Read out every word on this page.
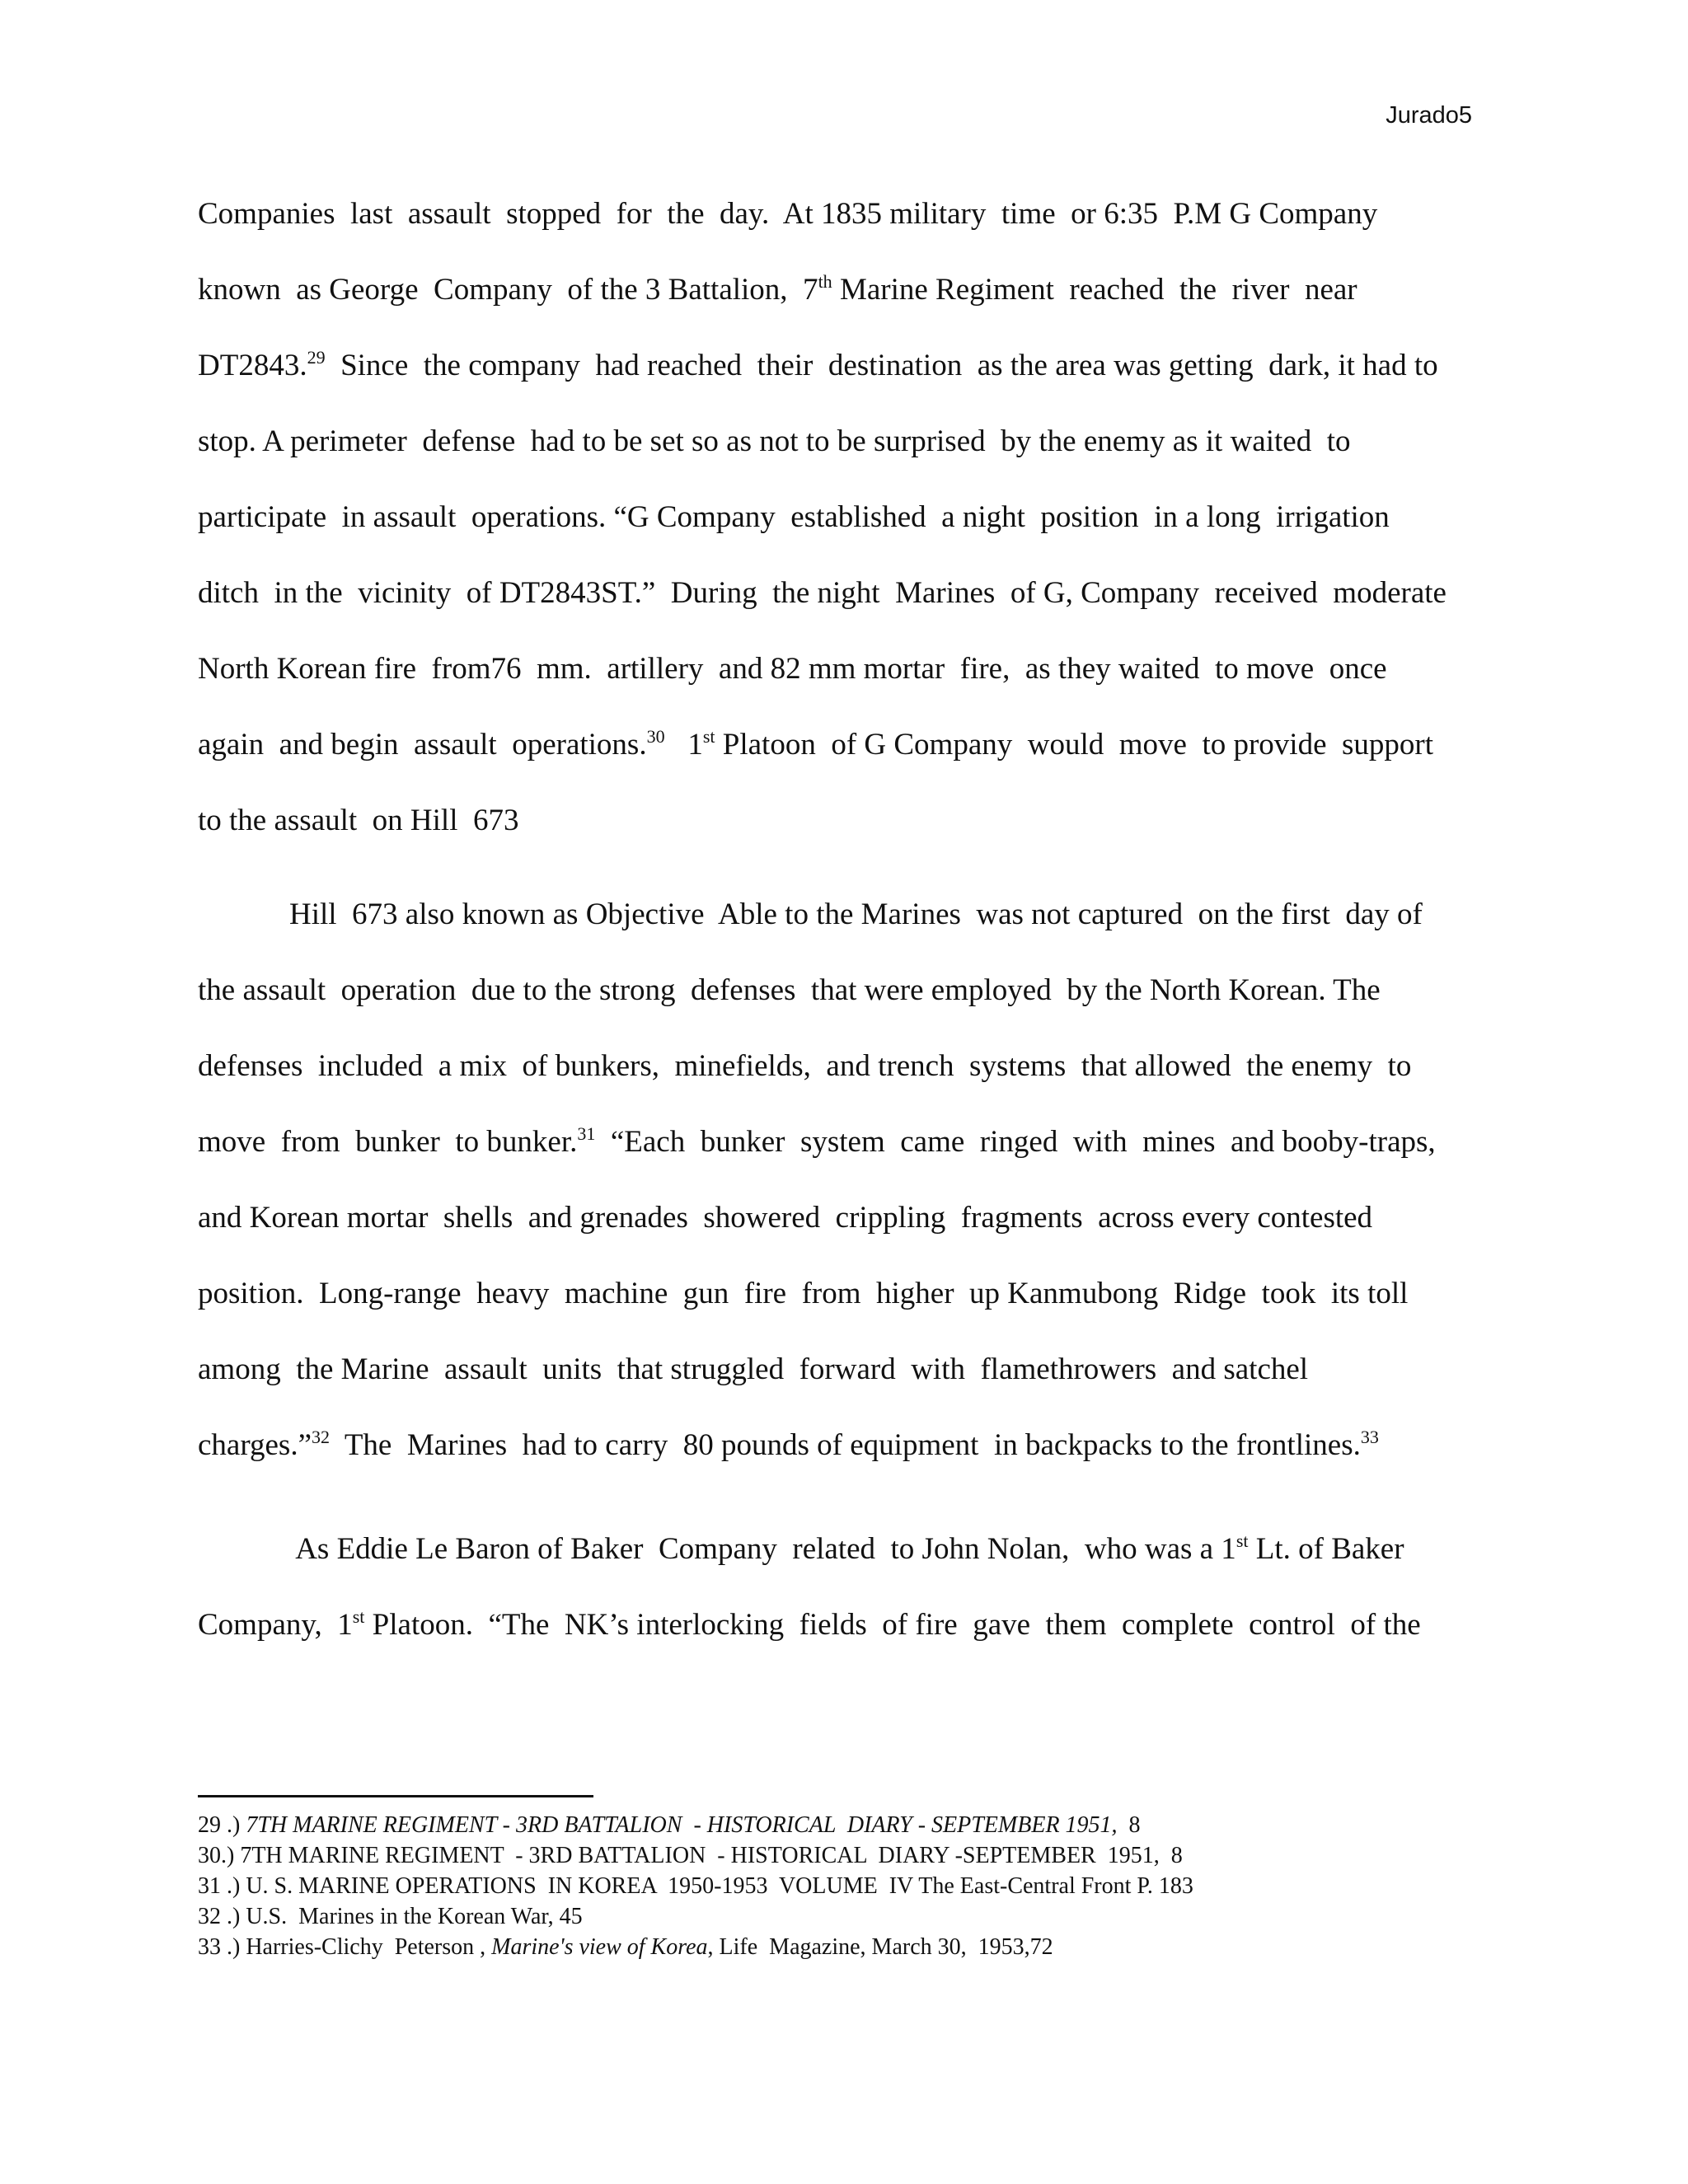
Jurado5
Companies  last  assault  stopped  for  the  day.  At 1835 military  time  or 6:35  P.M G Company
known  as George  Company  of the 3 Battalion,  7th Marine Regiment  reached  the  river  near
DT2843.29  Since  the company  had reached  their  destination  as the area was getting  dark, it had to
stop. A perimeter  defense  had to be set so as not to be surprised  by the enemy as it waited  to
participate  in assault  operations. “G Company  established  a night  position  in a long  irrigation
ditch  in the  vicinity  of DT2843ST.”  During  the night  Marines  of G, Company  received  moderate
North Korean fire  from76  mm.  artillery  and 82 mm mortar  fire,  as they waited  to move  once
again  and begin  assault  operations.$^{30}$   1st Platoon  of G Company  would  move  to provide  support
to the assault  on Hill  673
Hill  673 also known as Objective  Able to the Marines  was not captured  on the first  day of
the assault  operation  due to the strong  defenses  that were employed  by the North Korean. The
defenses  included  a mix  of bunkers,  minefields,  and trench  systems  that allowed  the enemy  to
move  from  bunker  to bunker.$^{31}$  “Each  bunker  system  came  ringed  with  mines  and booby-traps,
and Korean mortar  shells  and grenades  showered  crippling  fragments  across every contested
position.  Long-range  heavy  machine  gun  fire  from  higher  up Kanmubong  Ridge  took  its toll
among  the Marine  assault  units  that struggled  forward  with  flamethrowers  and satchel
charges.”$^{32}$  The  Marines  had to carry  80 pounds of equipment  in backpacks to the frontlines.$^{33}$
As Eddie Le Baron of Baker  Company  related  to John Nolan,  who was a 1st Lt. of Baker
Company,  1st Platoon.  “The  NK’s interlocking  fields  of fire  gave  them  complete  control  of the
29 .) 7TH MARINE REGIMENT - 3RD BATTALION  - HISTORICAL  DIARY - SEPTEMBER 1951,  8
30.) 7TH MARINE REGIMENT  - 3RD BATTALION  - HISTORICAL  DIARY -SEPTEMBER  1951,  8
31 .) U. S. MARINE OPERATIONS  IN KOREA  1950-1953  VOLUME  IV The East-Central Front P. 183
32 .) U.S.  Marines in the Korean War, 45
33 .) Harries-Clichy  Peterson , Marine's view of Korea, Life  Magazine, March 30,  1953,72
